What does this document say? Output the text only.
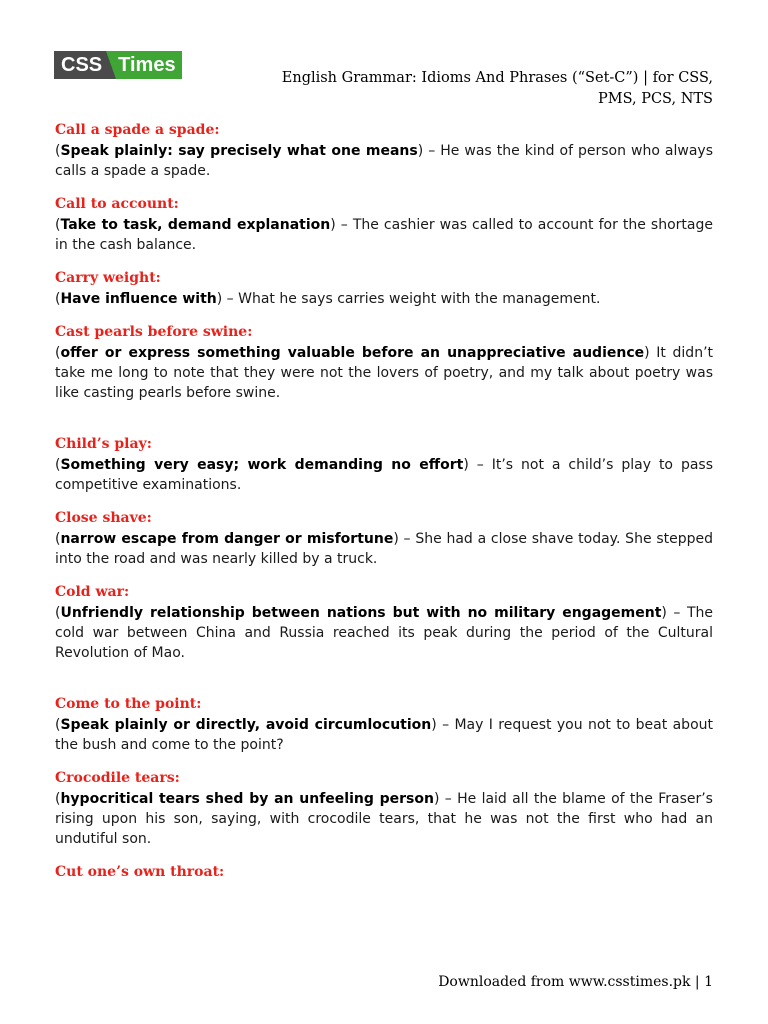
CSS Times
English Grammar: Idioms And Phrases (“Set-C”) | for CSS, PMS, PCS, NTS
Call a spade a spade:
(Speak plainly: say precisely what one means) – He was the kind of person who always calls a spade a spade.
Call to account:
(Take to task, demand explanation) – The cashier was called to account for the shortage in the cash balance.
Carry weight:
(Have influence with) – What he says carries weight with the management.
Cast pearls before swine:
(offer or express something valuable before an unappreciative audience) It didn’t take me long to note that they were not the lovers of poetry, and my talk about poetry was like casting pearls before swine.
Child’s play:
(Something very easy; work demanding no effort) – It’s not a child’s play to pass competitive examinations.
Close shave:
(narrow escape from danger or misfortune) – She had a close shave today. She stepped into the road and was nearly killed by a truck.
Cold war:
(Unfriendly relationship between nations but with no military engagement) – The cold war between China and Russia reached its peak during the period of the Cultural Revolution of Mao.
Come to the point:
(Speak plainly or directly, avoid circumlocution) – May I request you not to beat about the bush and come to the point?
Crocodile tears:
(hypocritical tears shed by an unfeeling person) – He laid all the blame of the Fraser’s rising upon his son, saying, with crocodile tears, that he was not the first who had an undutiful son.
Cut one’s own throat:
Downloaded from www.csstimes.pk | 1
